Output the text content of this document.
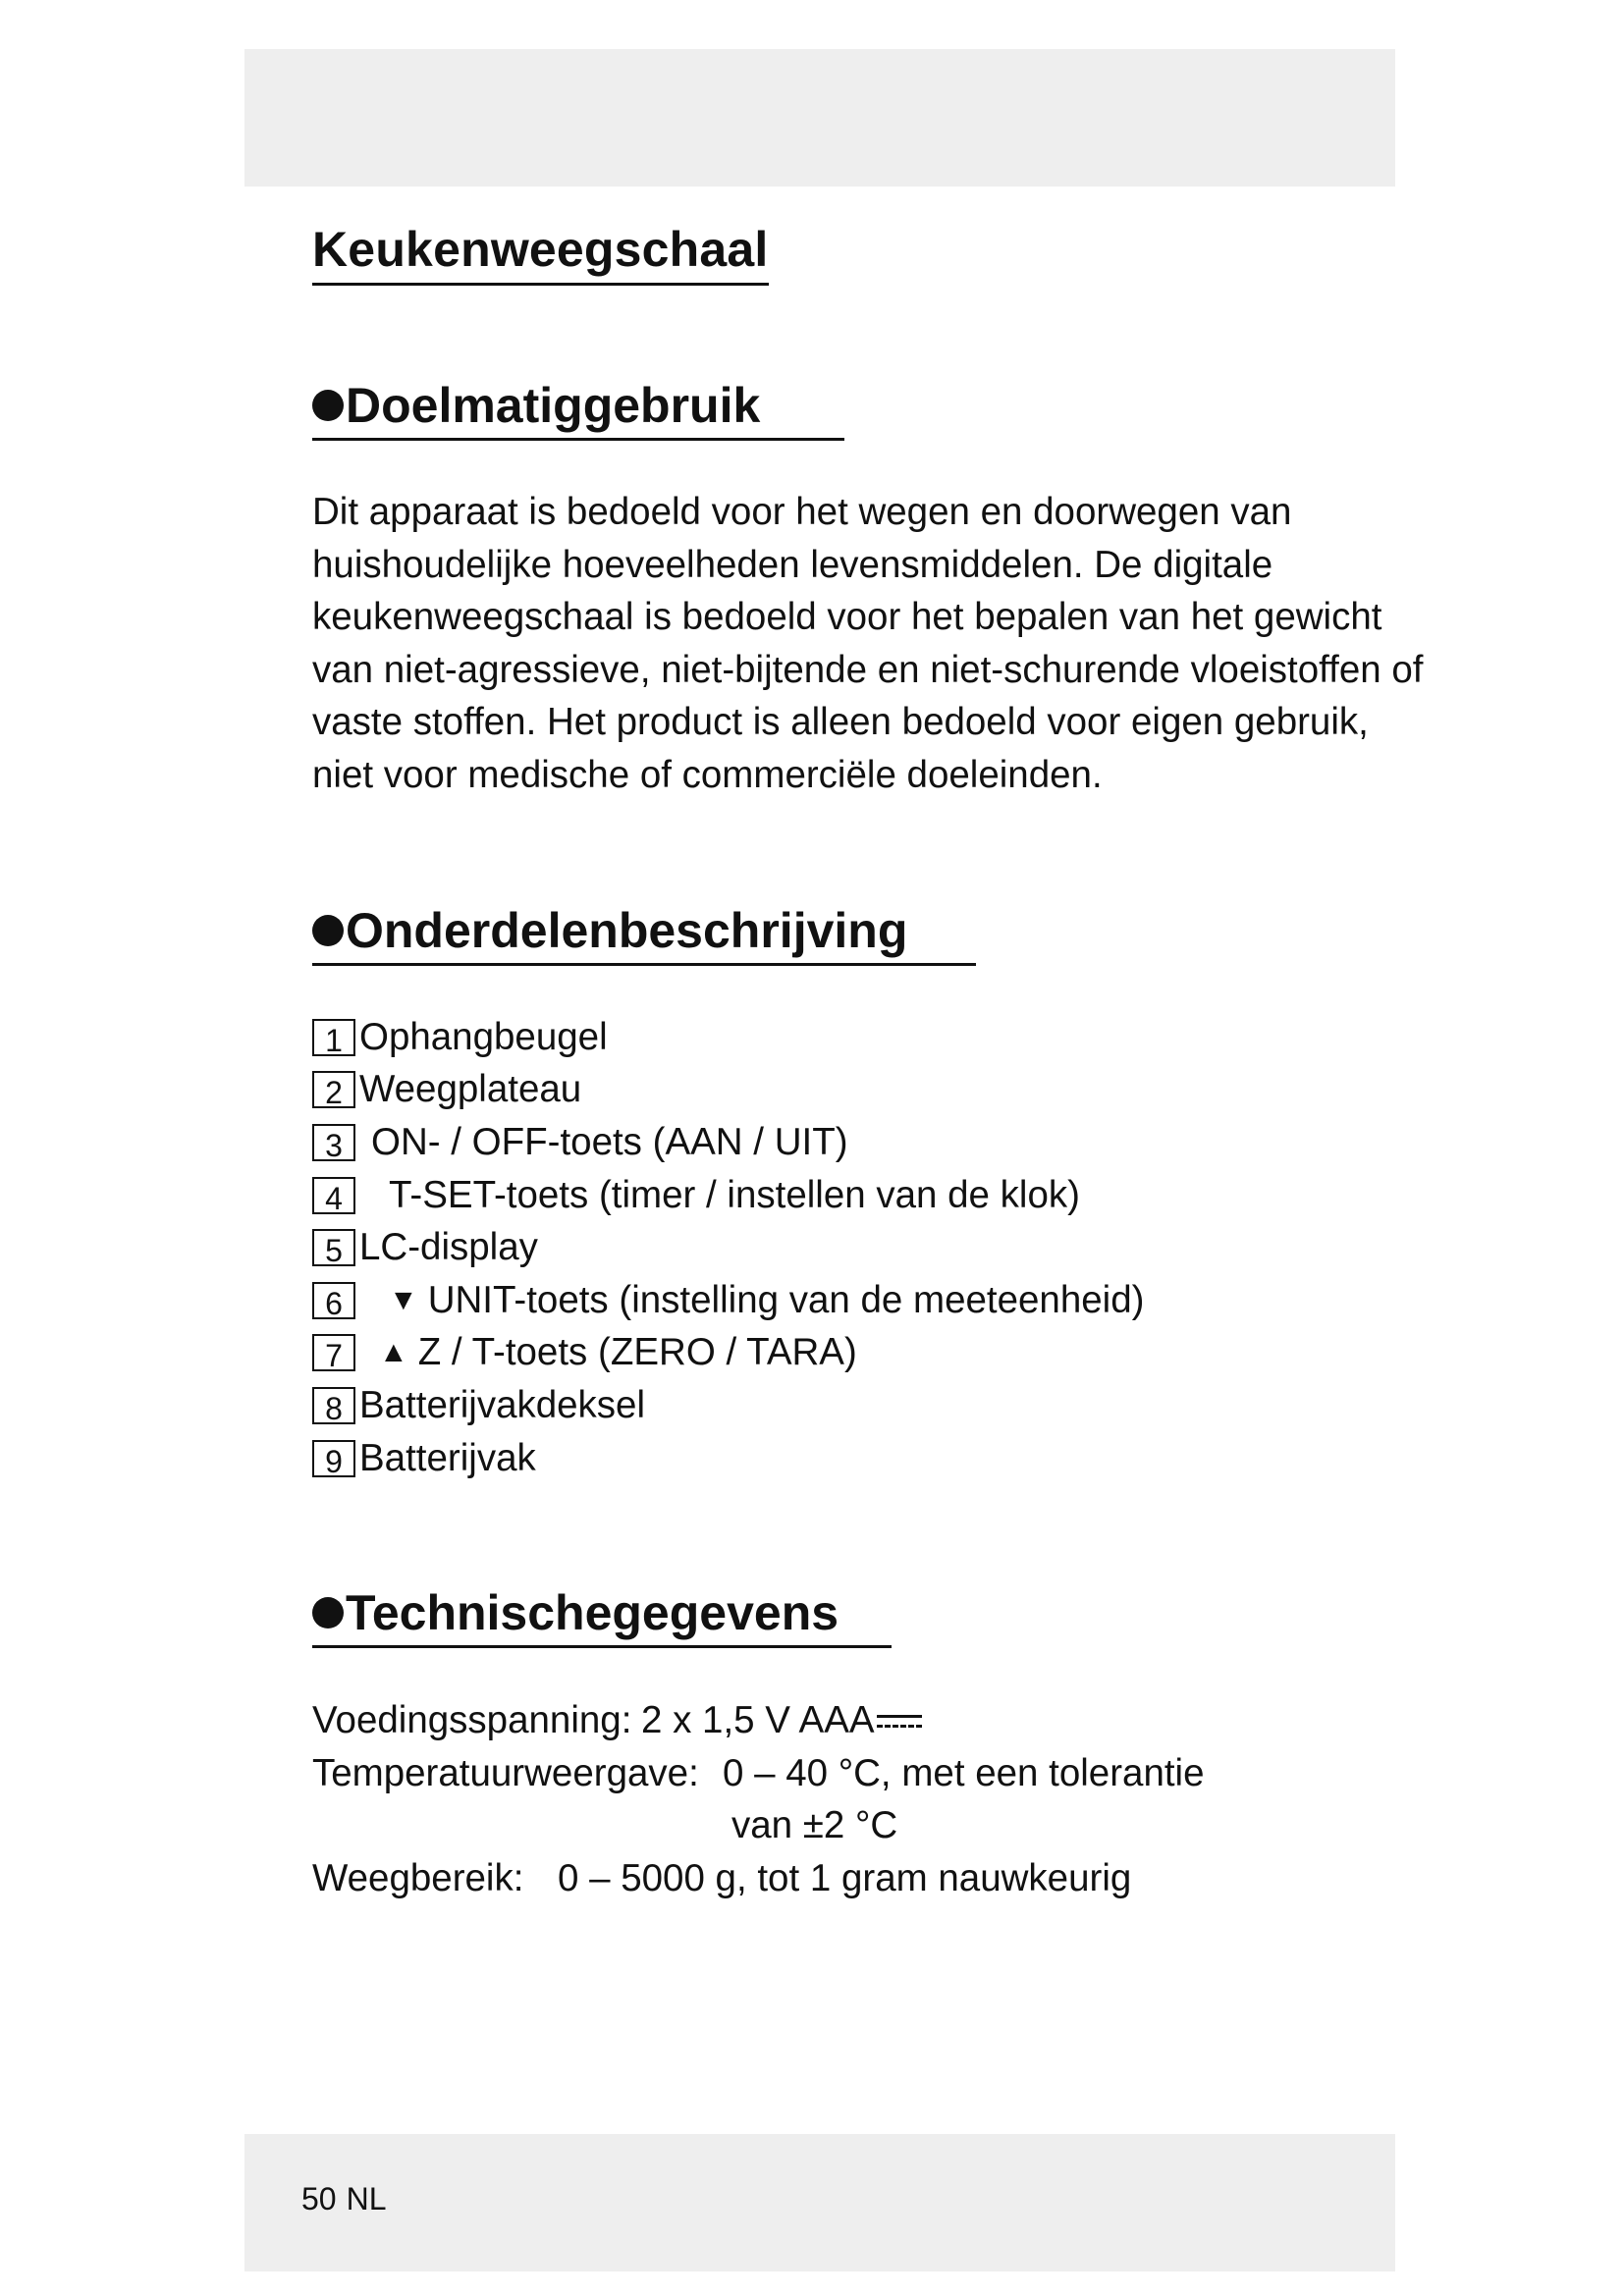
Keukenweegschaal
Doelmatiggebruik
Dit apparaat is bedoeld voor het wegen en doorwegen van
huishoudelijke hoeveelheden levensmiddelen. De digitale
keukenweegschaal is bedoeld voor het bepalen van het gewicht
van niet-agressieve, niet-bijtende en niet-schurende vloeistoffen of
vaste stoffen. Het product is alleen bedoeld voor eigen gebruik,
niet voor medische of commerciële doeleinden.
Onderdelenbeschrijving
1 Ophangbeugel
2 Weegplateau
3 ON- / OFF-toets (AAN / UIT)
4	T-SET-toets (timer / instellen van de klok)
5 LC-display
6	▼ UNIT-toets (instelling van de meeteenheid)
7	▲ Z / T-toets (ZERO / TARA)
8 Batterijvakdeksel
9 Batterijvak
Technischegegevens
Voedingsspanning: 2 x 1,5 V AAA
Temperatuurweergave: 0 – 40 °C, met een tolerantie
van ±2 °C
Weegbereik: 0 – 5000 g, tot 1 gram nauwkeurig
50 NL
